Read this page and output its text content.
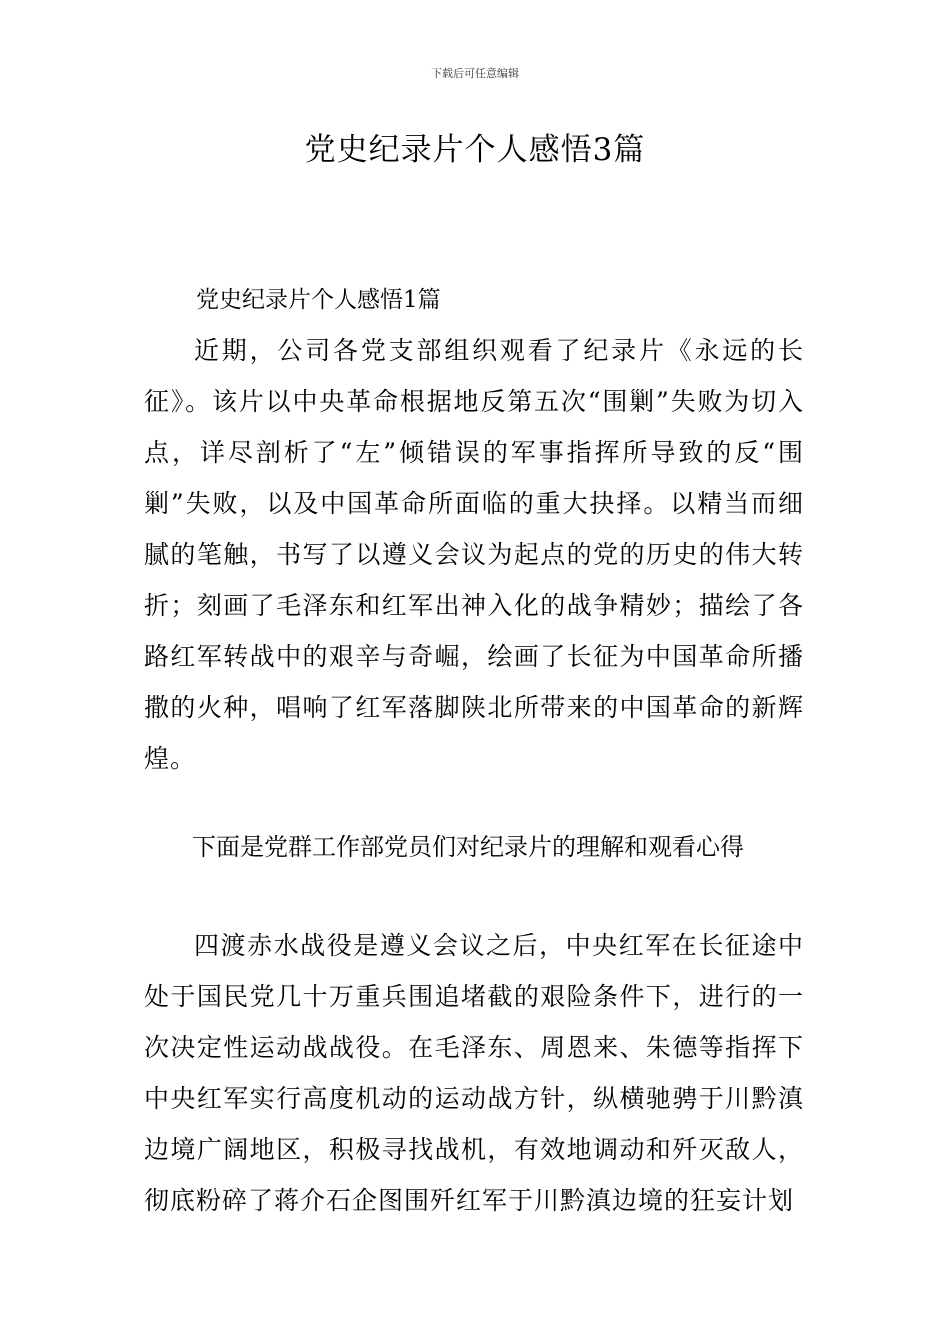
下载后可任意编辑
党史纪录片个人感悟3篇
党史纪录片个人感悟1篇

近期，公司各党支部组织观看了纪录片《永远的长征》。该片以中央革命根据地反第五次“围剿”失败为切入点，详尽剖析了“左”倾错误的军事指挥所导致的反“围剿”失败，以及中国革命所面临的重大抉择。以精当而细腻的笔触，书写了以遵义会议为起点的党的历史的伟大转折；刻画了毛泽东和红军出神入化的战争精妙；描绘了各路红军转战中的艰辛与奇崛，绘画了长征为中国革命所播撒的火种，唱响了红军落脚陕北所带来的中国革命的新辉煌。

下面是党群工作部党员们对纪录片的理解和观看心得

四渡赤水战役是遵义会议之后，中央红军在长征途中处于国民党几十万重兵围追堵截的艰险条件下，进行的一次决定性运动战战役。在毛泽东、周恩来、朱德等指挥下中央红军实行高度机动的运动战方针，纵横驰骋于川黔滇边境广阔地区，积极寻找战机，有效地调动和歼灭敌人，彻底粉碎了蒋介石企图围歼红军于川黔滇边境的狂妄计划
